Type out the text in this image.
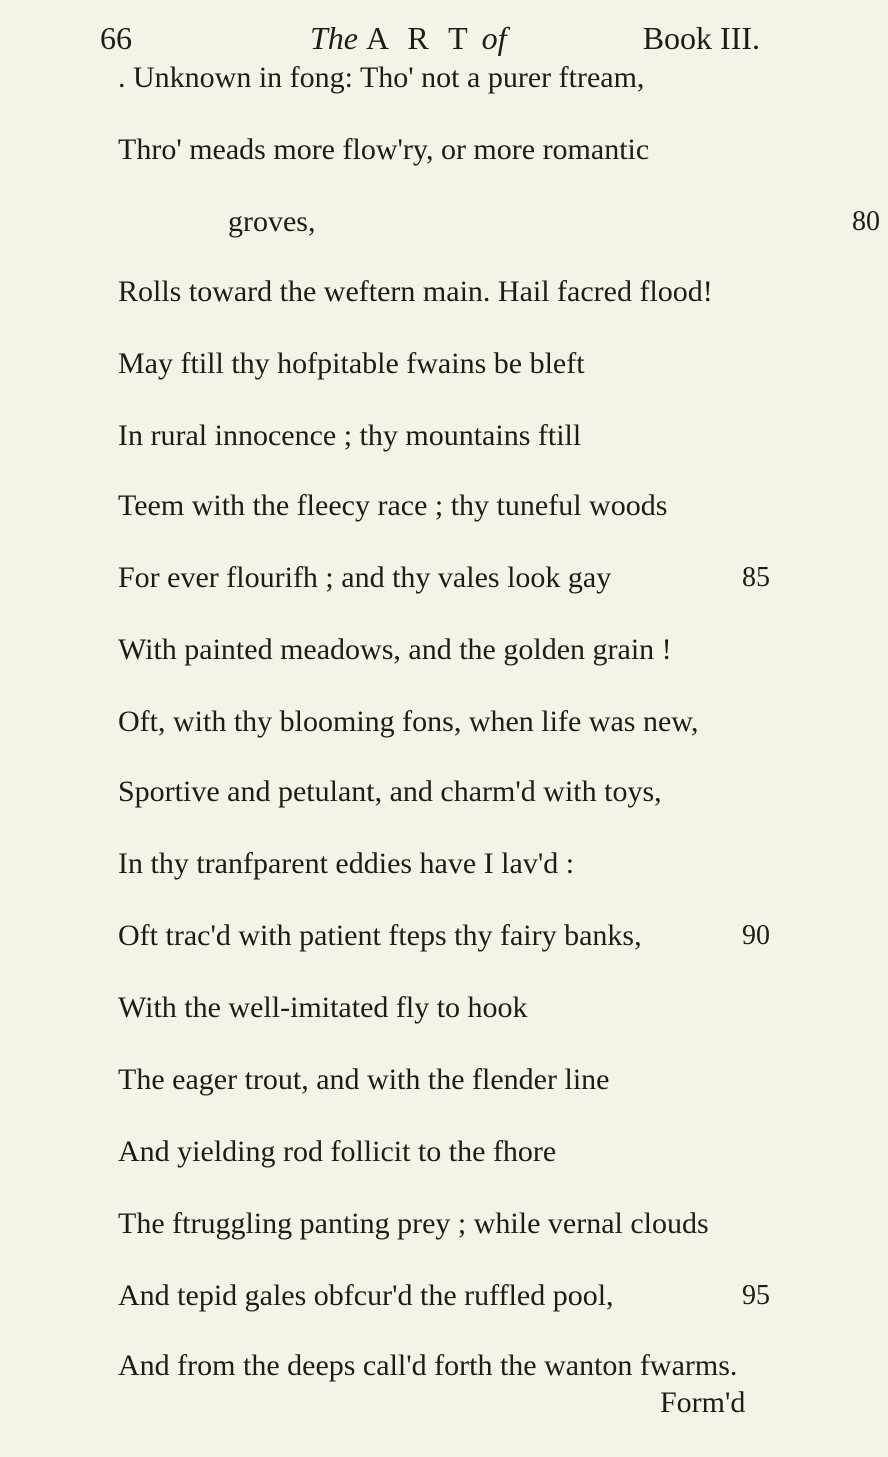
66	The A R T of	Book III.
. Unknown in fong: Tho' not a purer ftream,
Thro' meads more flow'ry, or more romantic
groves,	80
Rolls toward the weftern main. Hail facred flood!
May ftill thy hofpitable fwains be bleft
In rural innocence ; thy mountains ftill
Teem with the fleecy race ; thy tuneful woods
For ever flourifh ; and thy vales look gay	85
With painted meadows, and the golden grain !
Oft, with thy blooming fons, when life was new,
Sportive and petulant, and charm'd with toys,
In thy tranfparent eddies have I lav'd :
Oft trac'd with patient fteps thy fairy banks,	90
With the well-imitated fly to hook
The eager trout, and with the flender line
And yielding rod follicit to the fhore
The ftruggling panting prey ; while vernal clouds
And tepid gales obfcur'd the ruffled pool,	95
And from the deeps call'd forth the wanton fwarms.
Form'd
